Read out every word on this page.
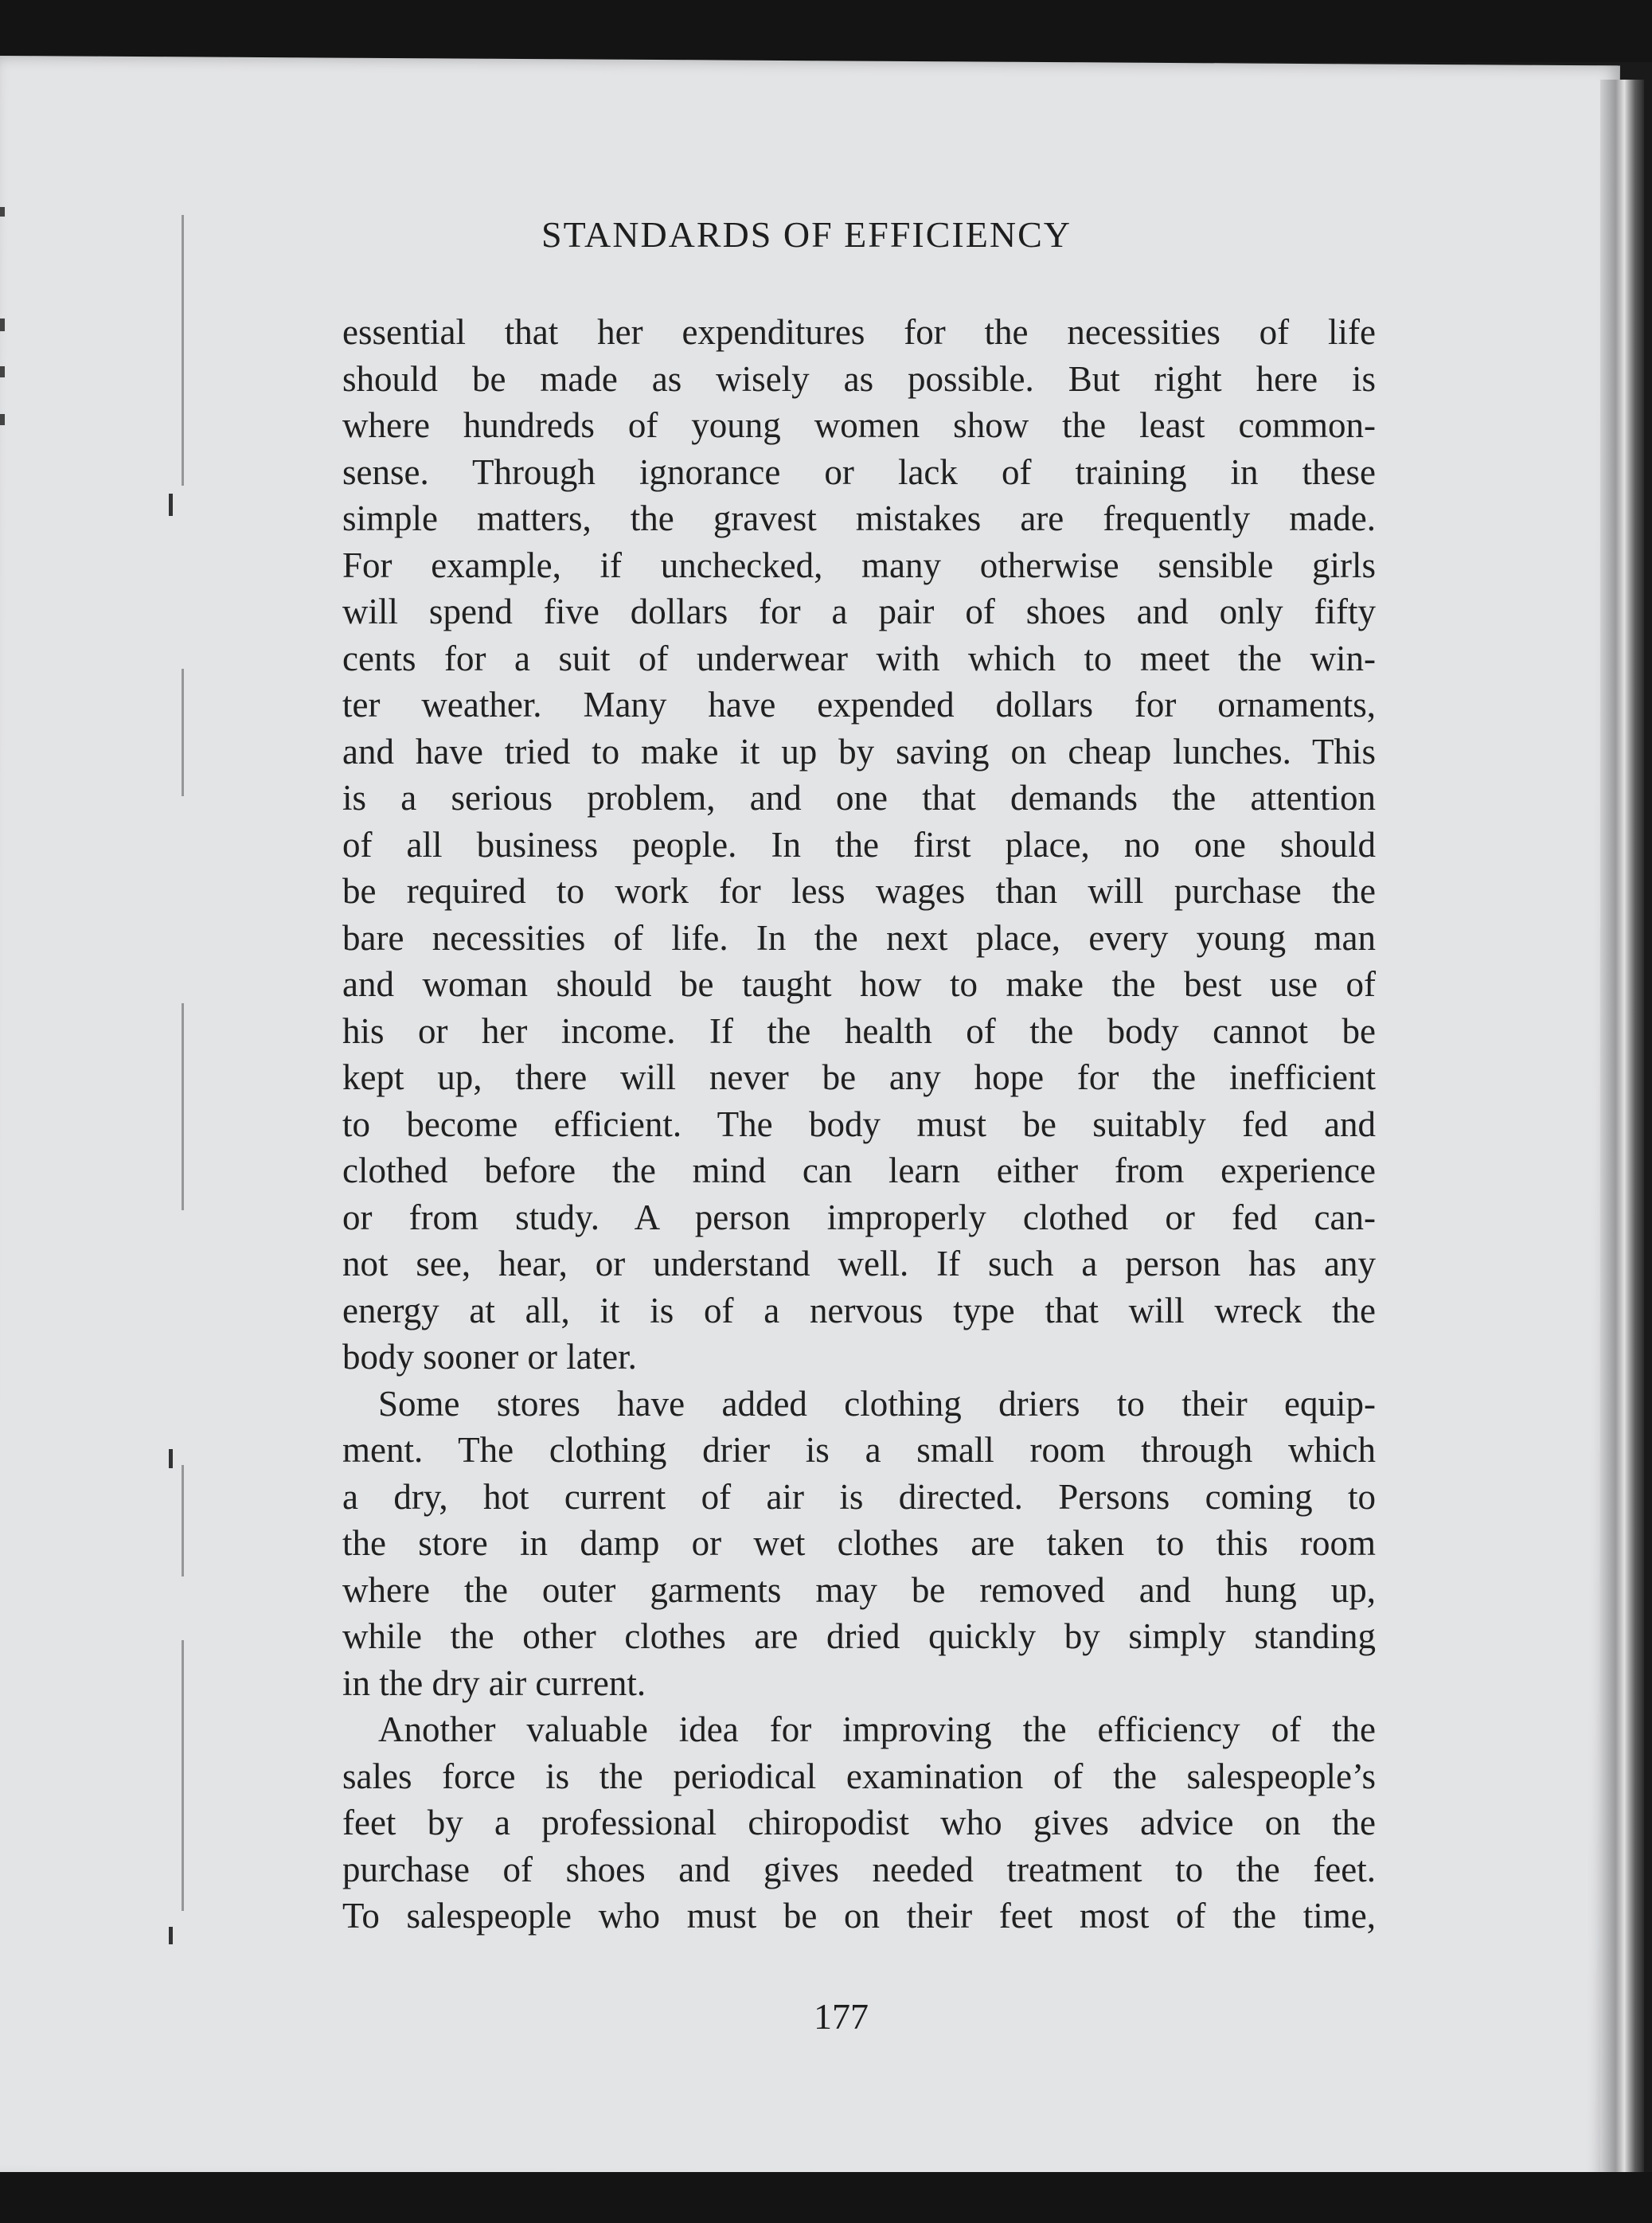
STANDARDS OF EFFICIENCY
essential that her expenditures for the necessities of life
should be made as wisely as possible. But right here is
where hundreds of young women show the least common-
sense. Through ignorance or lack of training in these
simple matters, the gravest mistakes are frequently made.
For example, if unchecked, many otherwise sensible girls
will spend five dollars for a pair of shoes and only fifty
cents for a suit of underwear with which to meet the win-
ter weather. Many have expended dollars for ornaments,
and have tried to make it up by saving on cheap lunches. This
is a serious problem, and one that demands the attention
of all business people. In the first place, no one should
be required to work for less wages than will purchase the
bare necessities of life. In the next place, every young man
and woman should be taught how to make the best use of
his or her income. If the health of the body cannot be
kept up, there will never be any hope for the inefficient
to become efficient. The body must be suitably fed and
clothed before the mind can learn either from experience
or from study. A person improperly clothed or fed can-
not see, hear, or understand well. If such a person has any
energy at all, it is of a nervous type that will wreck the
body sooner or later.
Some stores have added clothing driers to their equip-
ment. The clothing drier is a small room through which
a dry, hot current of air is directed. Persons coming to
the store in damp or wet clothes are taken to this room
where the outer garments may be removed and hung up,
while the other clothes are dried quickly by simply standing
in the dry air current.
Another valuable idea for improving the efficiency of the
sales force is the periodical examination of the salespeople’s
feet by a professional chiropodist who gives advice on the
purchase of shoes and gives needed treatment to the feet.
To salespeople who must be on their feet most of the time,
177
